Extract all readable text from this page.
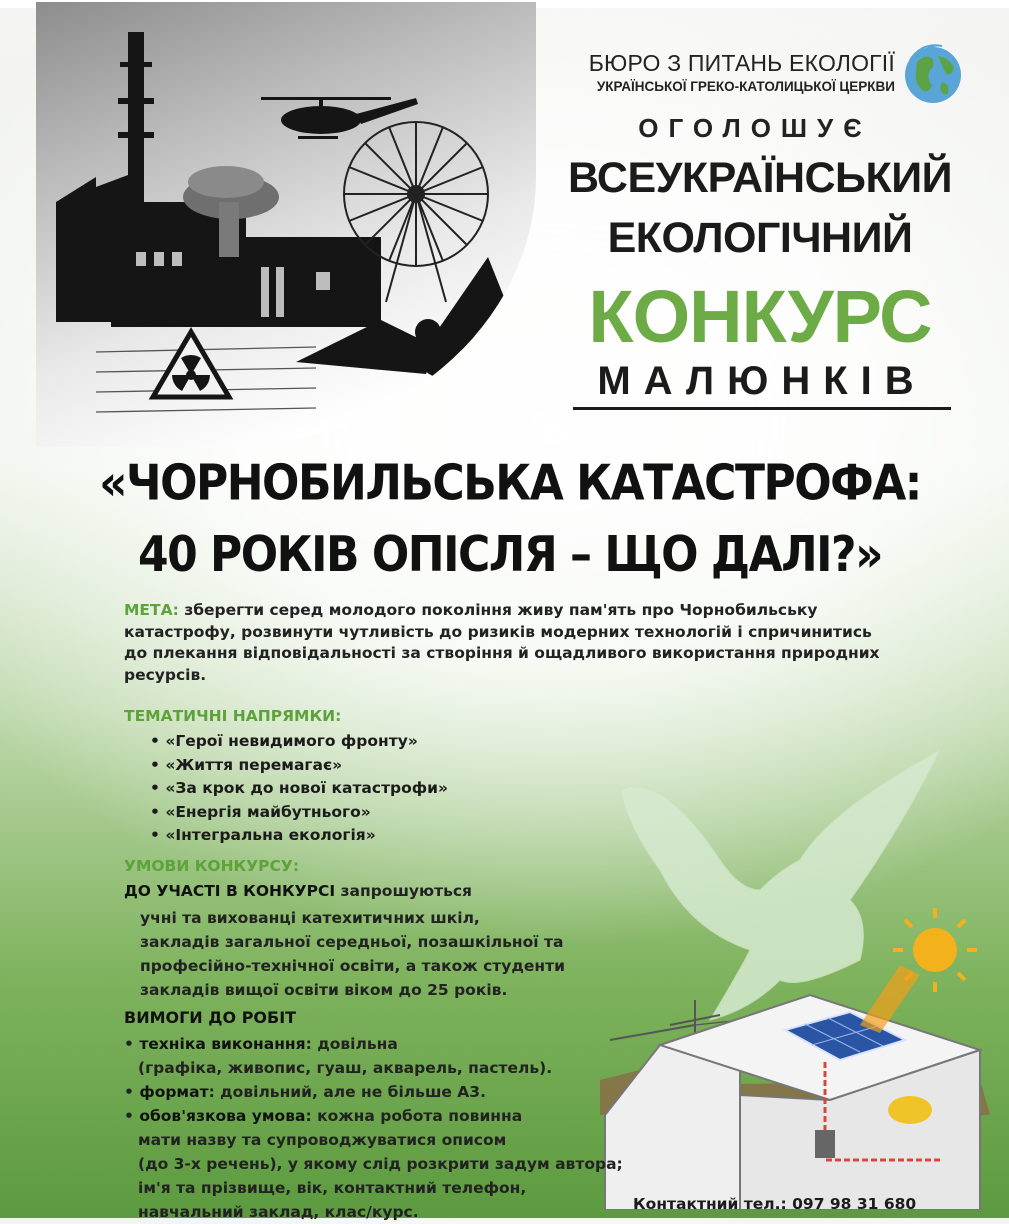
БЮРО З ПИТАНЬ ЕКОЛОГІЇ
УКРАЇНСЬКОЇ ГРЕКО-КАТОЛИЦЬКОЇ ЦЕРКВИ
ОГОЛОШУЄ
ВСЕУКРАЇНСЬКИЙ
ЕКОЛОГІЧНИЙ
КОНКУРС
МАЛЮНКІВ
«ЧОРНОБИЛЬСЬКА КАТАСТРОФА:
40 РОКІВ ОПІСЛЯ – ЩО ДАЛІ?»
МЕТА: зберегти серед молодого покоління живу пам'ять про Чорнобильську катастрофу, розвинути чутливість до ризиків модерних технологій і спричинитись до плекання відповідальності за створіння й ощадливого використання природних ресурсів.
ТЕМАТИЧНІ НАПРЯМКИ:
• «Герої невидимого фронту»
• «Життя перемагає»
• «За крок до нової катастрофи»
• «Енергія майбутнього»
• «Інтегральна екологія»
УМОВИ КОНКУРСУ:
ДО УЧАСТІ В КОНКУРСІ запрошуються
учні та вихованці катехитичних шкіл,
закладів загальної середньої, позашкільної та
професійно-технічної освіти, а також студенти
закладів вищої освіти віком до 25 років.
ВИМОГИ ДО РОБІТ
• техніка виконання: довільна
(графіка, живопис, гуаш, акварель, пастель).
• формат: довільний, але не більше А3.
• обов'язкова умова: кожна робота повинна
мати назву та супроводжуватися описом
(до 3-х речень), у якому слід розкрити задум автора;
ім'я та прізвище, вік, контактний телефон,
навчальний заклад, клас/курс.	Контактний тел.: 097 98 31 680
